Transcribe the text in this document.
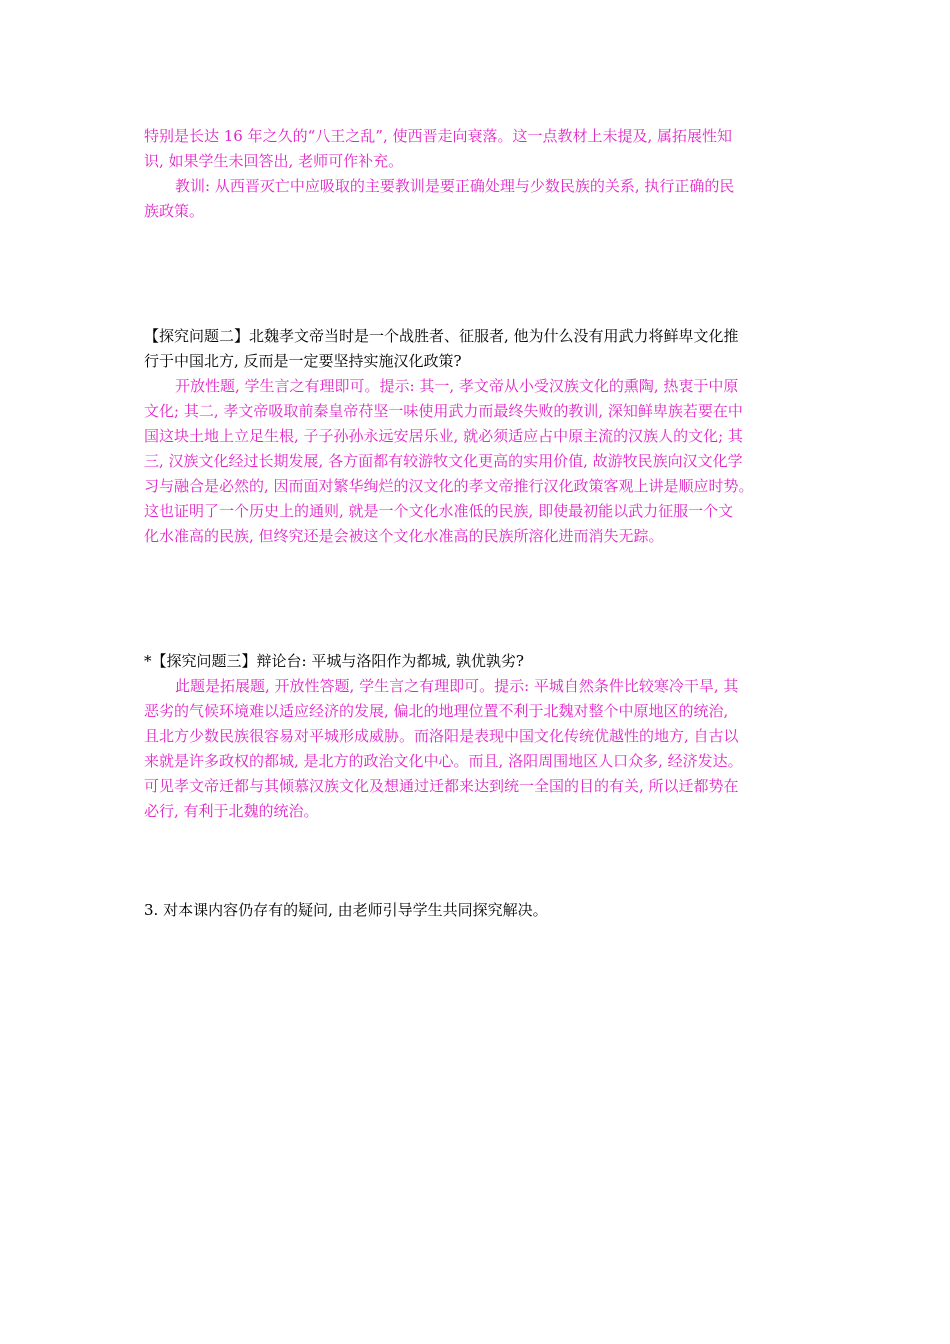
特别是长达 16 年之久的“八王之乱”, 使西晋走向衰落。这一点教材上未提及, 属拓展性知
识, 如果学生未回答出, 老师可作补充。
教训: 从西晋灭亡中应吸取的主要教训是要正确处理与少数民族的关系, 执行正确的民
族政策。
【探究问题二】北魏孝文帝当时是一个战胜者、征服者, 他为什么没有用武力将鲜卑文化推
行于中国北方, 反而是一定要坚持实施汉化政策?
开放性题, 学生言之有理即可。提示: 其一, 孝文帝从小受汉族文化的熏陶, 热衷于中原
文化; 其二, 孝文帝吸取前秦皇帝苻坚一味使用武力而最终失败的教训, 深知鲜卑族若要在中
国这块土地上立足生根, 子子孙孙永远安居乐业, 就必须适应占中原主流的汉族人的文化; 其
三, 汉族文化经过长期发展, 各方面都有较游牧文化更高的实用价值, 故游牧民族向汉文化学
习与融合是必然的, 因而面对繁华绚烂的汉文化的孝文帝推行汉化政策客观上讲是顺应时势。
这也证明了一个历史上的通则, 就是一个文化水准低的民族, 即使最初能以武力征服一个文
化水准高的民族, 但终究还是会被这个文化水准高的民族所溶化进而消失无踪。
*【探究问题三】辩论台: 平城与洛阳作为都城, 孰优孰劣?
此题是拓展题, 开放性答题, 学生言之有理即可。提示: 平城自然条件比较寒冷干旱, 其
恶劣的气候环境难以适应经济的发展, 偏北的地理位置不利于北魏对整个中原地区的统治,
且北方少数民族很容易对平城形成威胁。而洛阳是表现中国文化传统优越性的地方, 自古以
来就是许多政权的都城, 是北方的政治文化中心。而且, 洛阳周围地区人口众多, 经济发达。
可见孝文帝迁都与其倾慕汉族文化及想通过迁都来达到统一全国的目的有关, 所以迁都势在
必行, 有利于北魏的统治。
3. 对本课内容仍存有的疑问, 由老师引导学生共同探究解决。
